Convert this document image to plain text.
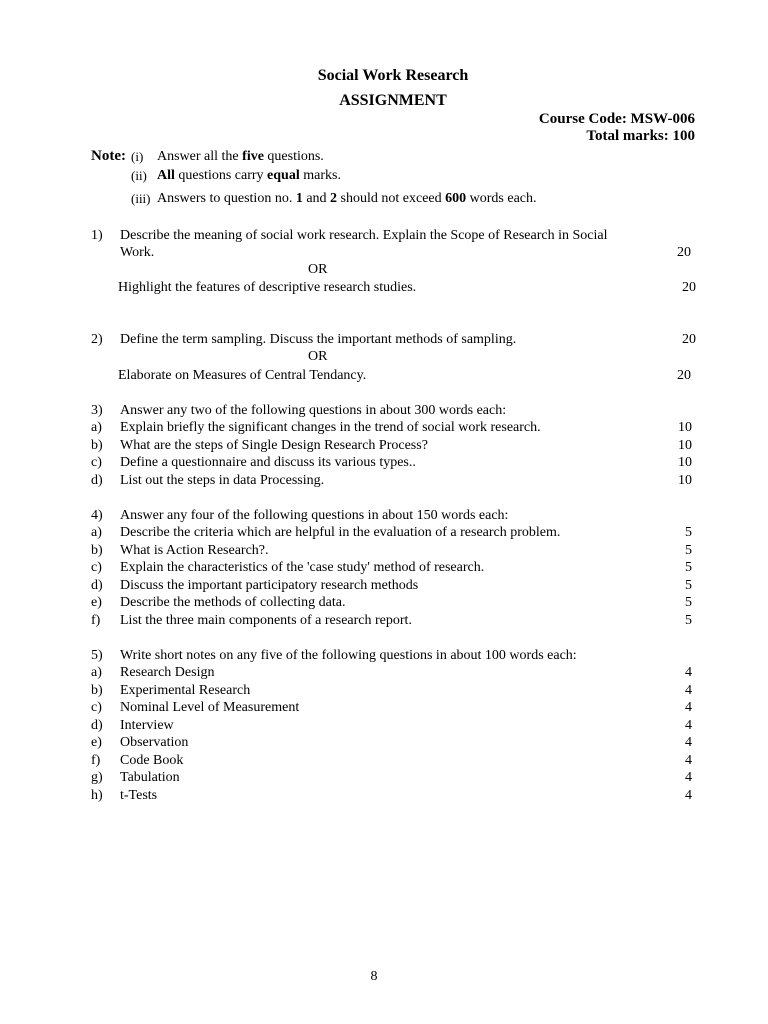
Social Work Research
ASSIGNMENT
Course Code: MSW-006
Total marks: 100
Note: (i) Answer all the five questions.
(ii) All questions carry equal marks.
(iii) Answers to question no. 1 and 2 should not exceed 600 words each.
1) Describe the meaning of social work research. Explain the Scope of Research in Social
Work.	20
OR
Highlight the features of descriptive research studies.	20
2) Define the term sampling. Discuss the important methods of sampling.	20
OR
Elaborate on Measures of Central Tendancy.	20
3) Answer any two of the following questions in about 300 words each:
a) Explain briefly the significant changes in the trend of social work research.	10
b) What are the steps of Single Design Research Process?	10
c) Define a questionnaire and discuss its various types..	10
d) List out the steps in data Processing.	10
4) Answer any four of the following questions in about 150 words each:
a) Describe the criteria which are helpful in the evaluation of a research problem.	5
b) What is Action Research?.	5
c) Explain the characteristics of the 'case study' method of research.	5
d) Discuss the important participatory research methods	5
e) Describe the methods of collecting data.	5
f) List the three main components of a research report.	5
5) Write short notes on any five of the following questions in about 100 words each:
a) Research Design	4
b) Experimental Research	4
c) Nominal Level of Measurement	4
d) Interview	4
e) Observation	4
f) Code Book	4
g) Tabulation	4
h) t-Tests	4
8
